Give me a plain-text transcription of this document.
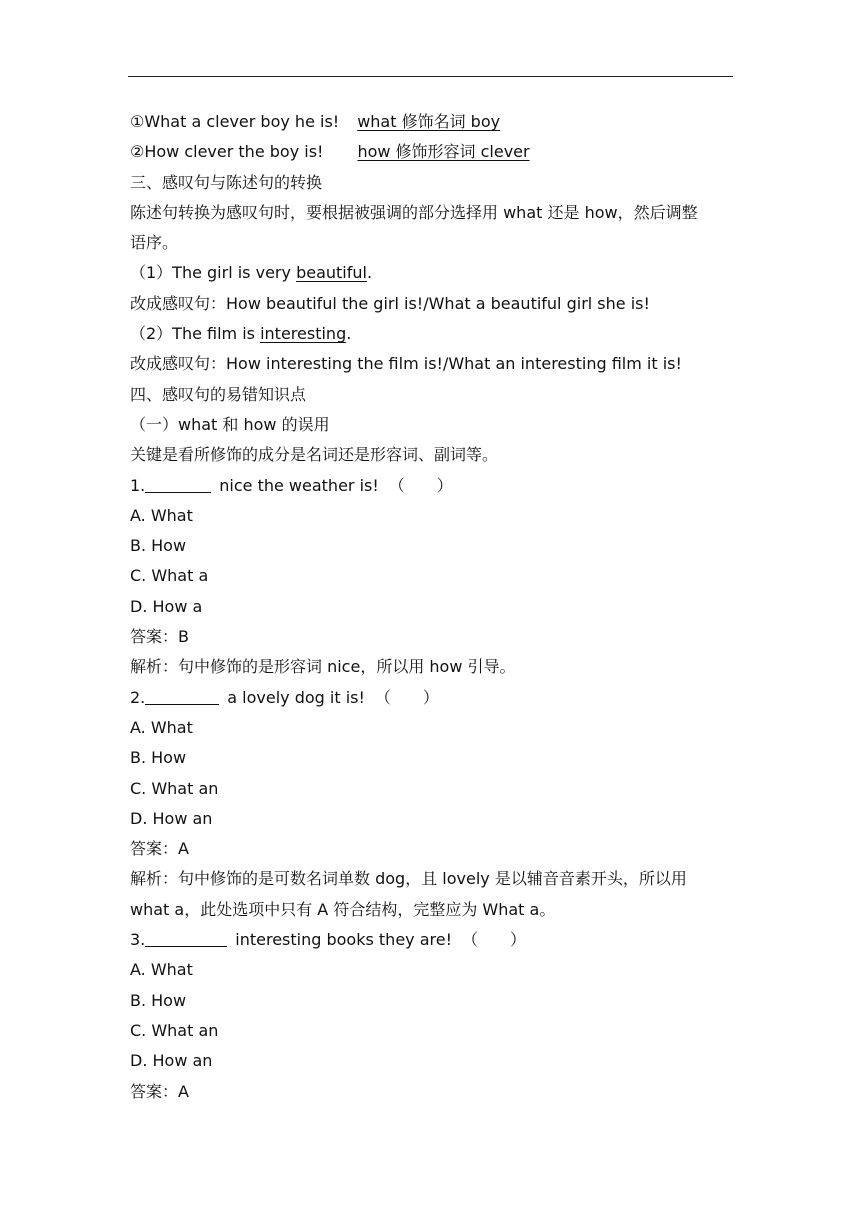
①What a clever boy he is! what 修饰名词 boy
②How clever the boy is! how 修饰形容词 clever
三、感叹句与陈述句的转换
陈述句转换为感叹句时，要根据被强调的部分选择用 what 还是 how，然后调整
语序。
（1）The girl is very beautiful.
改成感叹句：How beautiful the girl is!/What a beautiful girl she is!
（2）The film is interesting.
改成感叹句：How interesting the film is!/What an interesting film it is!
四、感叹句的易错知识点
（一）what 和 how 的误用
关键是看所修饰的成分是名词还是形容词、副词等。
1.	nice the weather is! （　　）
A. What
B. How
C. What a
D. How a
答案：B
解析：句中修饰的是形容词 nice，所以用 how 引导。
2.	a lovely dog it is! （　　）
A. What
B. How
C. What an
D. How an
答案：A
解析：句中修饰的是可数名词单数 dog，且 lovely 是以辅音音素开头，所以用
what a，此处选项中只有 A 符合结构，完整应为 What a。
3.	interesting books they are! （　　）
A. What
B. How
C. What an
D. How an
答案：A
